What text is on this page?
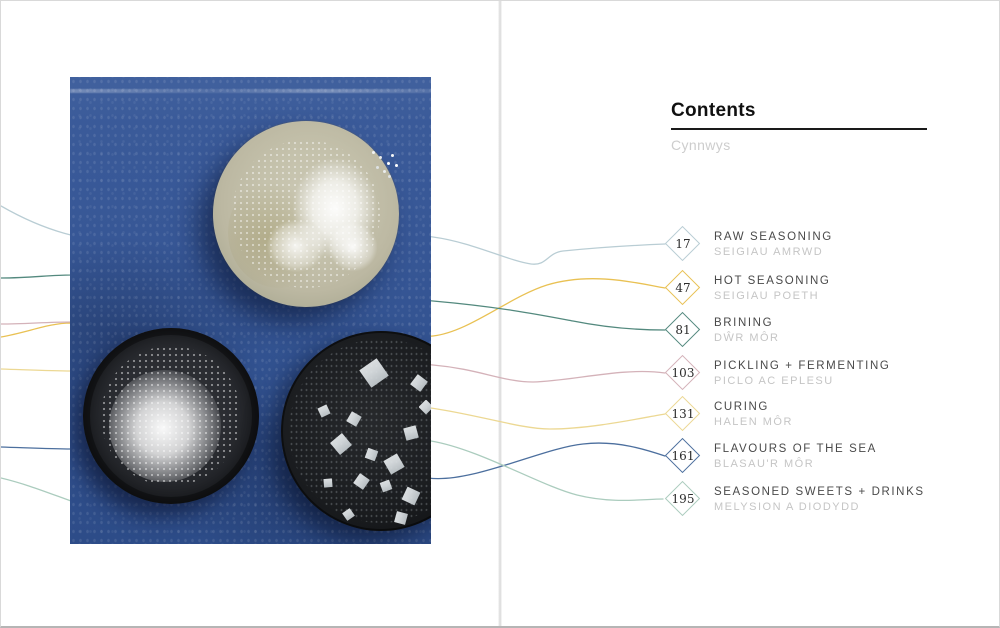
Contents
Cynnwys
17
RAW SEASONING
SEIGIAU AMRWD
47
HOT SEASONING
SEIGIAU POETH
81
BRINING
DŴR MÔR
103
PICKLING + FERMENTING
PICLO AC EPLESU
131
CURING
HALEN MÔR
161
FLAVOURS OF THE SEA
BLASAU'R MÔR
195
SEASONED SWEETS + DRINKS
MELYSION A DIODYDD
